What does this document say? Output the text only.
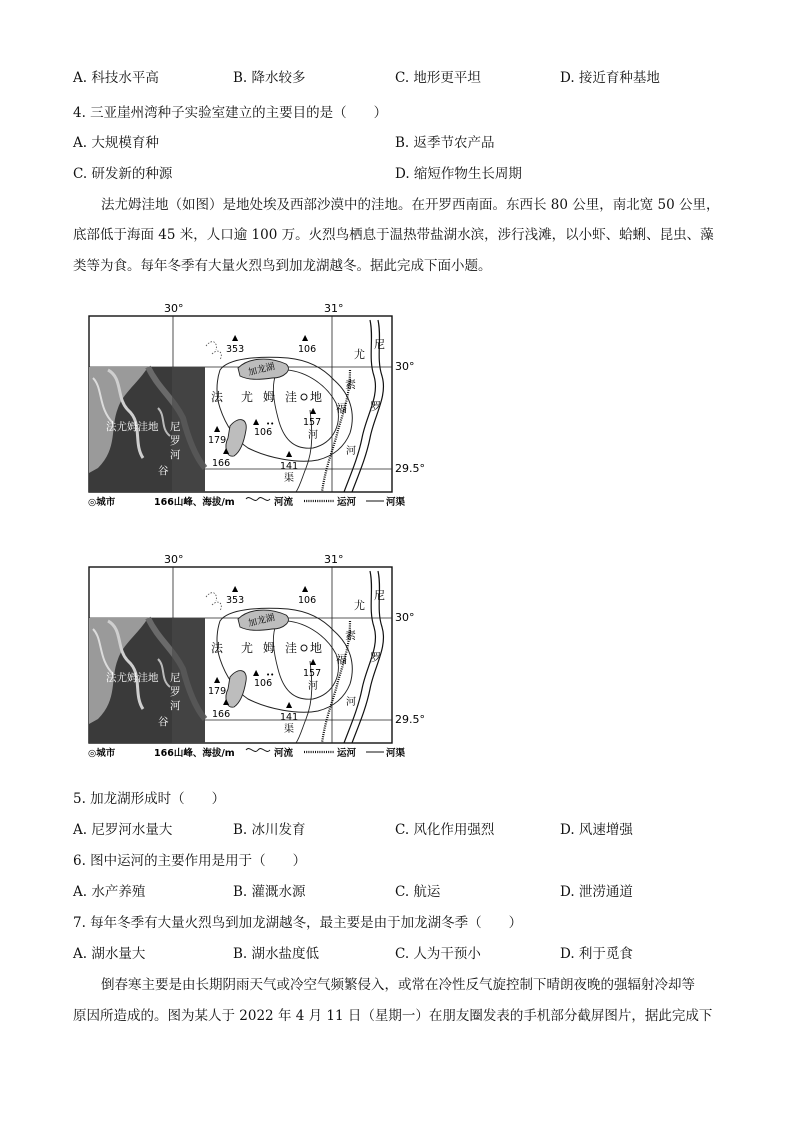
A. 科技水平高	B. 降水较多	C. 地形更平坦	D. 接近育种基地
4. 三亚崖州湾种子实验室建立的主要目的是（　　）
A. 大规模育种	B. 返季节农产品
C. 研发新的种源	D. 缩短作物生长周期
法尤姆洼地（如图）是地处埃及西部沙漠中的洼地。在开罗西南面。东西长 80 公里，南北宽 50 公里，
底部低于海面 45 米，人口逾 100 万。火烈鸟栖息于温热带盐湖水滨，涉行浅滩，以小虾、蛤蜊、昆虫、藻
类等为食。每年冬季有大量火烈鸟到加龙湖越冬。据此完成下面小题。
30°	31°
30°
29.5°
法尤姆洼地 尼
罗
河
谷
加龙湖
尼
尤
罗
素
福
河
河
渠
法 尤 姆 洼 地
▲
353
▲
106
▲
106
▲
157
▲
179
▲
166
▲
141
••
◎城市	166山峰、海拔/m	河流	运河	河渠
30°	31°
30°
29.5°
法尤姆洼地 尼
罗
河
谷
加龙湖
尼
尤
罗
素
福
河
河
渠
法 尤 姆 洼 地
▲
353
▲
106
▲
106
▲
157
▲
179
▲
166
▲
141
••
◎城市	166山峰、海拔/m	河流	运河	河渠
5. 加龙湖形成时（　　）
A. 尼罗河水量大	B. 冰川发育	C. 风化作用强烈	D. 风速增强
6. 图中运河的主要作用是用于（　　）
A. 水产养殖	B. 灌溉水源	C. 航运	D. 泄涝通道
7. 每年冬季有大量火烈鸟到加龙湖越冬，最主要是由于加龙湖冬季（　　）
A. 湖水量大	B. 湖水盐度低	C. 人为干预小	D. 利于觅食
倒春寒主要是由长期阴雨天气或冷空气频繁侵入，或常在冷性反气旋控制下晴朗夜晚的强辐射冷却等
原因所造成的。图为某人于 2022 年 4 月 11 日（星期一）在朋友圈发表的手机部分截屏图片，据此完成下
